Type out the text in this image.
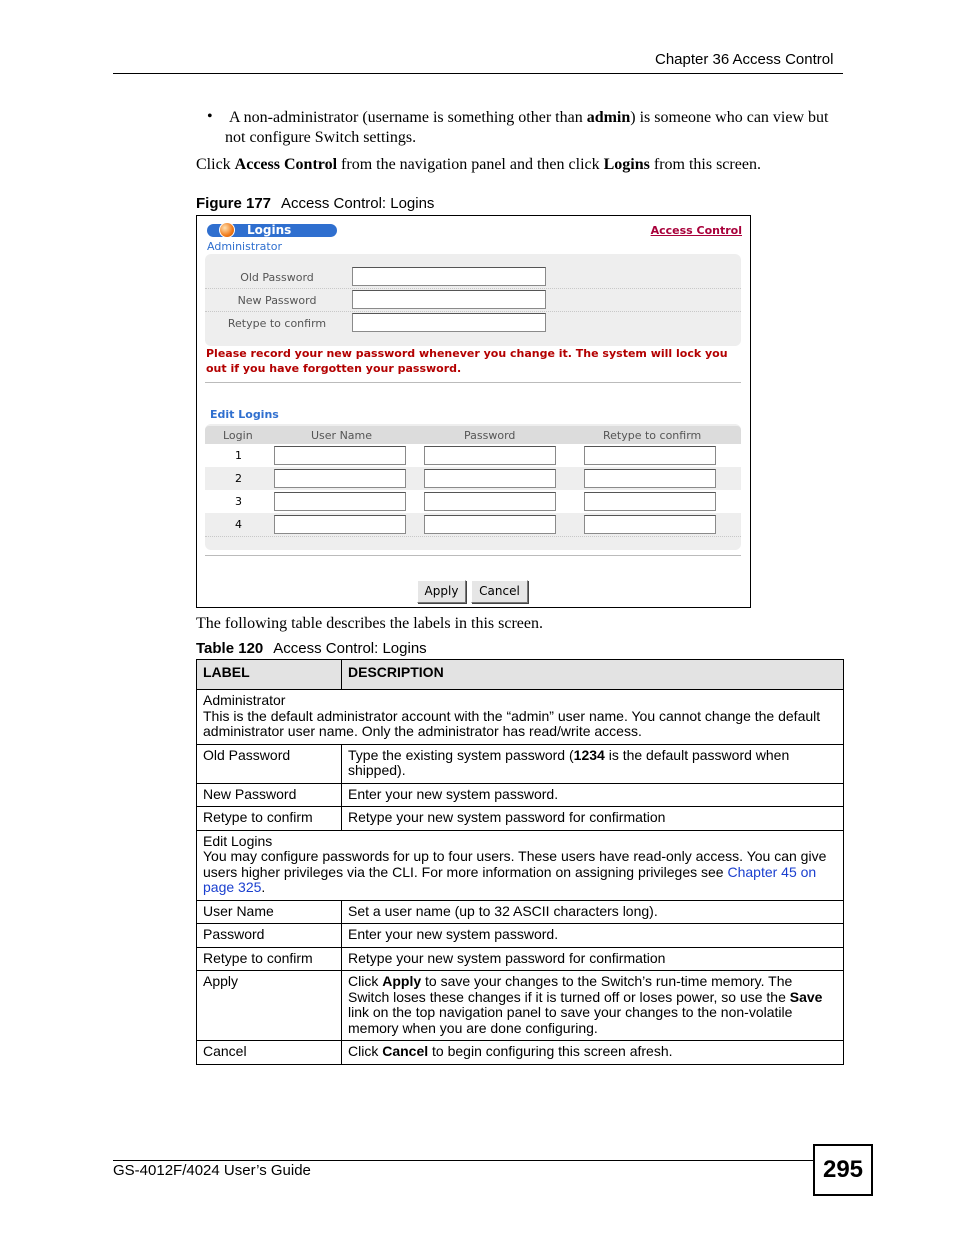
Chapter 36 Access Control
• A non-administrator (username is something other than admin) is someone who can view but not configure Switch settings.
Click Access Control from the navigation panel and then click Logins from this screen.
Figure 177 Access Control: Logins
Logins
Administrator
Access Control
Old Password
New Password
Retype to confirm
Please record your new password whenever you change it. The system will lock you out if you have forgotten your password.
Edit Logins
Login	User Name	Password	Retype to confirm
1
2
3
4
Apply	Cancel
The following table describes the labels in this screen.
Table 120 Access Control: Logins
LABEL	DESCRIPTION

Administrator
This is the default administrator account with the “admin” user name. You cannot change the default administrator user name. Only the administrator has read/write access.	

Old Password	Type the existing system password (1234 is the default password when shipped).
New Password	Enter your new system password.
Retype to confirm	Retype your new system password for confirmation

Edit Logins
You may configure passwords for up to four users. These users have read-only access. You can give users higher privileges via the CLI. For more information on assigning privileges see Chapter 45 on page 325.	

User Name	Set a user name (up to 32 ASCII characters long).
Password	Enter your new system password.
Retype to confirm	Retype your new system password for confirmation
Apply	Click Apply to save your changes to the Switch’s run-time memory. The Switch loses these changes if it is turned off or loses power, so use the Save link on the top navigation panel to save your changes to the non-volatile memory when you are done configuring.
Cancel	Click Cancel to begin configuring this screen afresh.
GS-4012F/4024 User’s Guide	295
